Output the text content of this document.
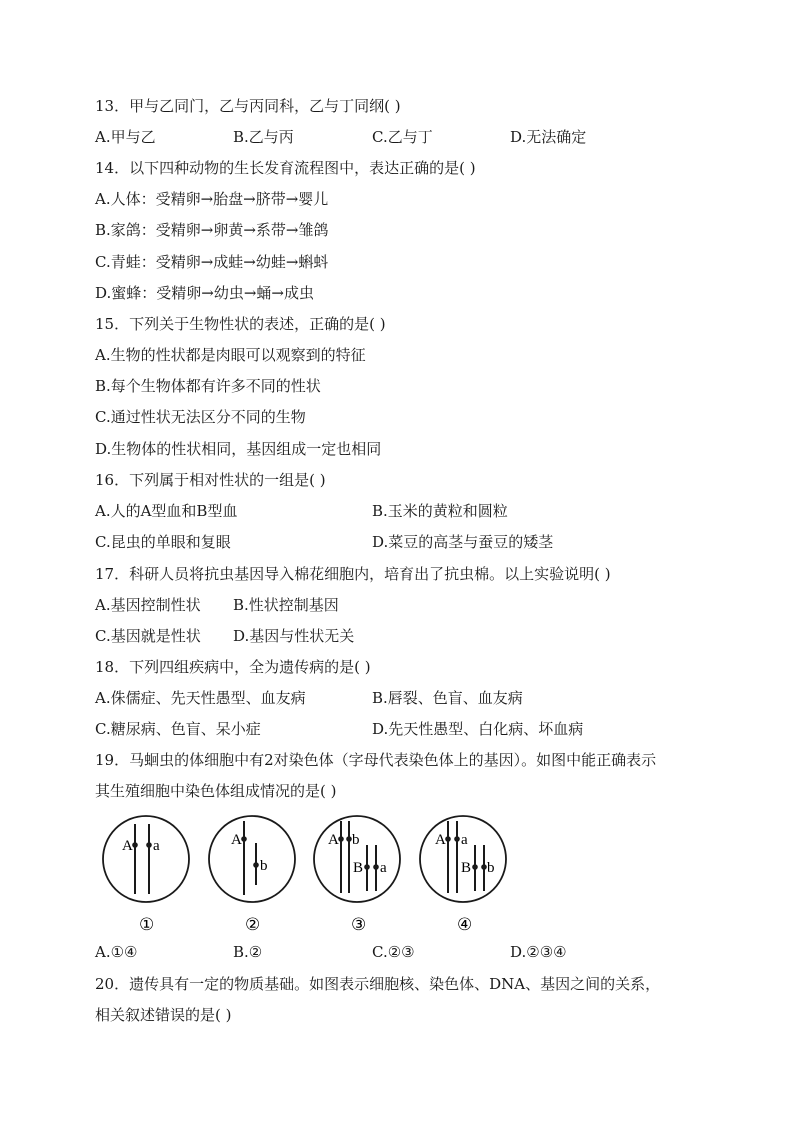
13．甲与乙同门，乙与丙同科，乙与丁同纲( )
A.甲与乙	B.乙与丙	C.乙与丁	D.无法确定
14．以下四种动物的生长发育流程图中，表达正确的是( )
A.人体：受精卵→胎盘→脐带→婴儿
B.家鸽：受精卵→卵黄→系带→雏鸽
C.青蛙：受精卵→成蛙→幼蛙→蝌蚪
D.蜜蜂：受精卵→幼虫→蛹→成虫
15．下列关于生物性状的表述，正确的是( )
A.生物的性状都是肉眼可以观察到的特征
B.每个生物体都有许多不同的性状
C.通过性状无法区分不同的生物
D.生物体的性状相同，基因组成一定也相同
16．下列属于相对性状的一组是( )
A.人的A型血和B型血	B.玉米的黄粒和圆粒
C.昆虫的单眼和复眼	D.菜豆的高茎与蚕豆的矮茎
17．科研人员将抗虫基因导入棉花细胞内，培育出了抗虫棉。以上实验说明( )
A.基因控制性状 B.性状控制基因
C.基因就是性状 D.基因与性状无关
18．下列四组疾病中，全为遗传病的是( )
A.侏儒症、先天性愚型、血友病	B.唇裂、色盲、血友病
C.糖尿病、色盲、呆小症	D.先天性愚型、白化病、坏血病
19．马蛔虫的体细胞中有2对染色体（字母代表染色体上的基因）。如图中能正确表示
其生殖细胞中染色体组成情况的是( )
A a
①
A
b
②
A b
B a
③
A a
B b
④
A.①④	B.②	C.②③	D.②③④
20．遗传具有一定的物质基础。如图表示细胞核、染色体、DNA、基因之间的关系，
相关叙述错误的是( )
